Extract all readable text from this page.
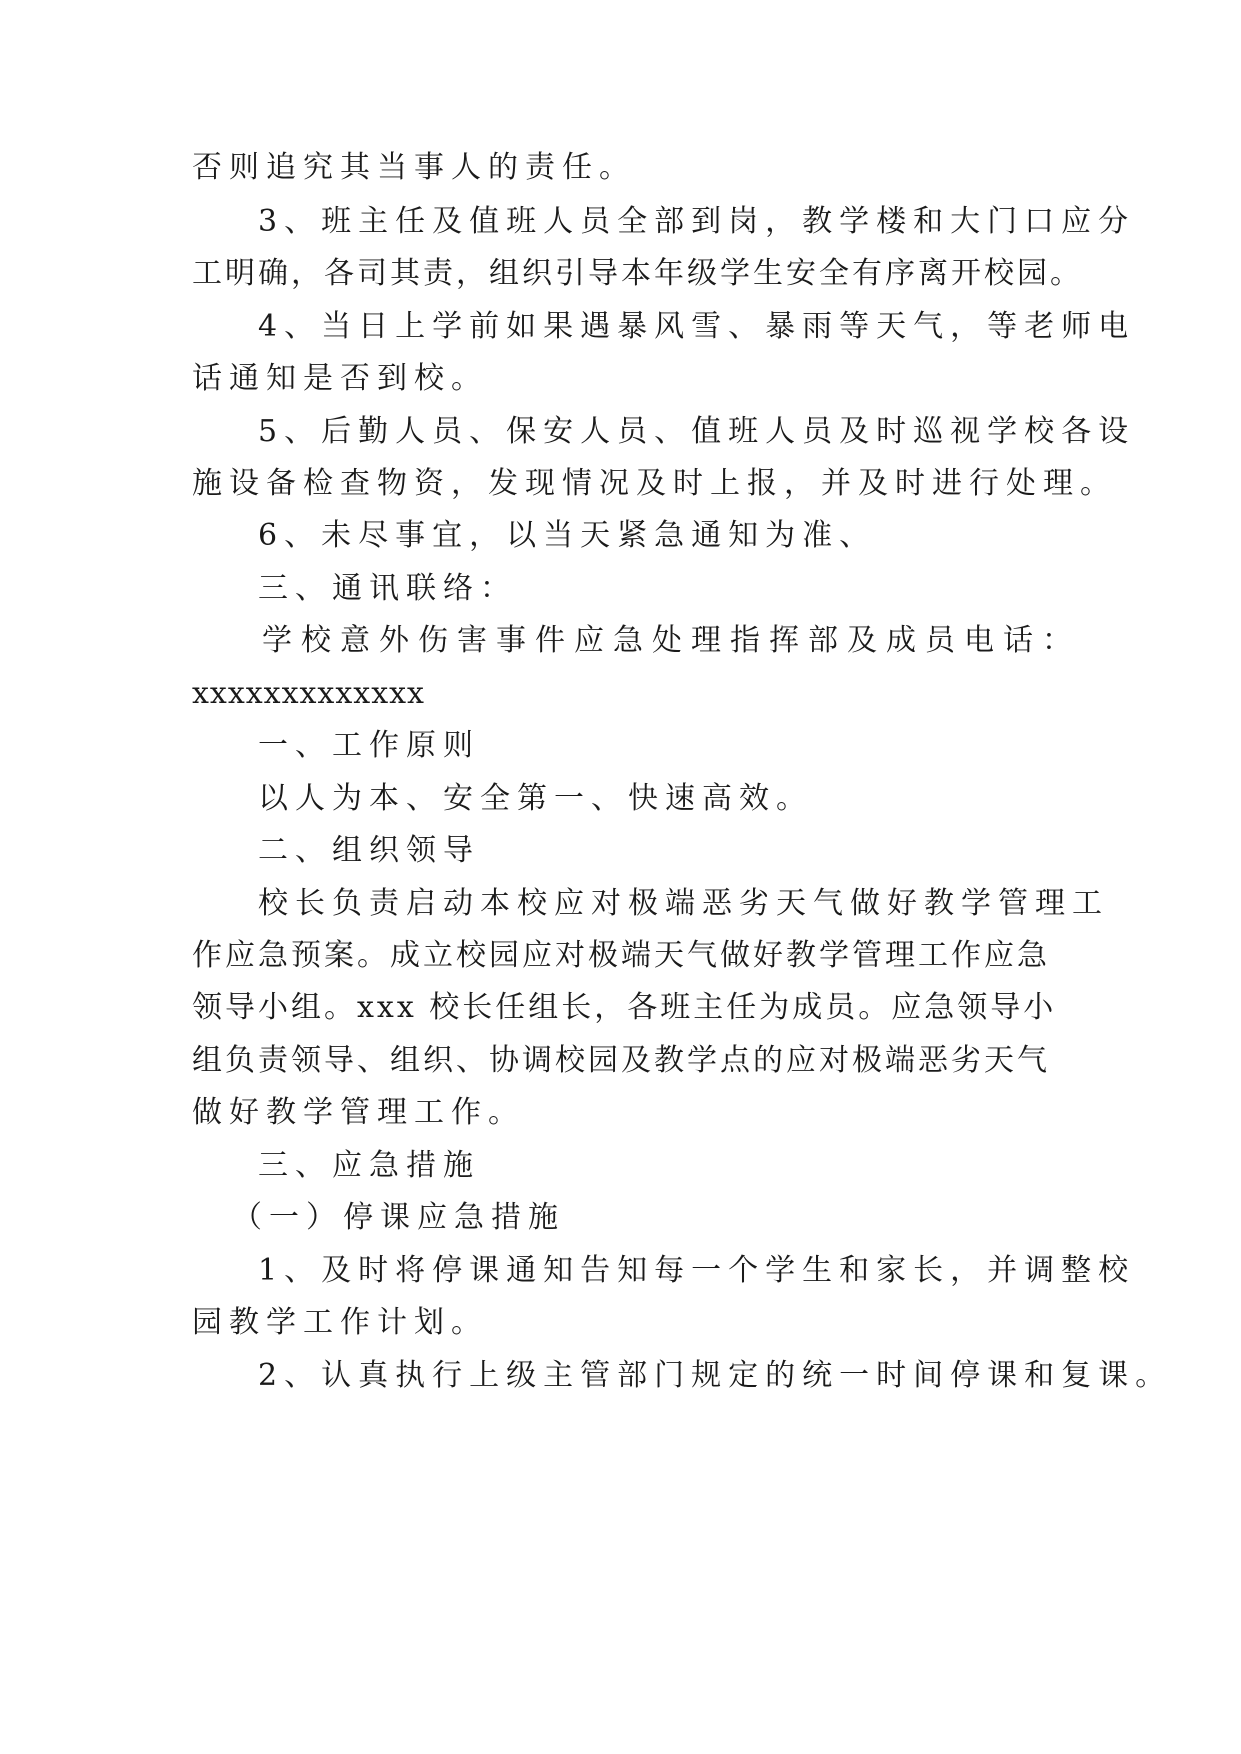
否则追究其当事人的责任。
3、班主任及值班人员全部到岗，教学楼和大门口应分
工明确，各司其责，组织引导本年级学生安全有序离开校园。
4、当日上学前如果遇暴风雪、暴雨等天气，等老师电
话通知是否到校。
5、后勤人员、保安人员、值班人员及时巡视学校各设
施设备检查物资，发现情况及时上报，并及时进行处理。
6、未尽事宜，以当天紧急通知为准、
三、通讯联络：
学校意外伤害事件应急处理指挥部及成员电话：
xxxxxxxxxxxxx
一、工作原则
以人为本、安全第一、快速高效。
二、组织领导
校长负责启动本校应对极端恶劣天气做好教学管理工
作应急预案。成立校园应对极端天气做好教学管理工作应急
领导小组。xxx 校长任组长，各班主任为成员。应急领导小
组负责领导、组织、协调校园及教学点的应对极端恶劣天气
做好教学管理工作。
三、应急措施
（一）停课应急措施
1、及时将停课通知告知每一个学生和家长，并调整校
园教学工作计划。
2、认真执行上级主管部门规定的统一时间停课和复课。
